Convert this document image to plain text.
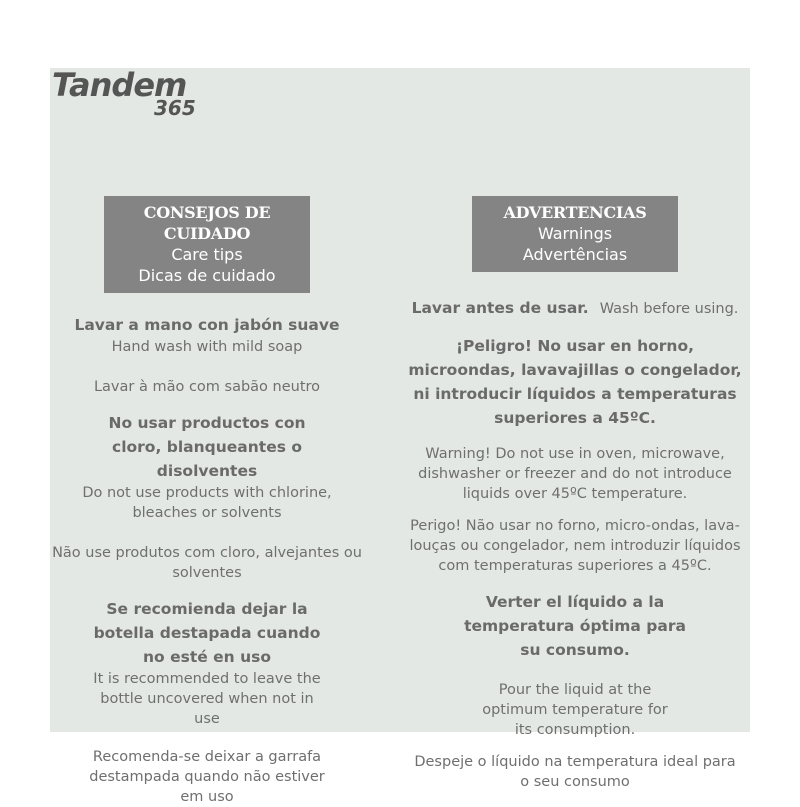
Tandem
365
CONSEJOS DE CUIDADO
Care tips
Dicas de cuidado
Lavar a mano con jabón suave
Hand wash with mild soap
Lavar à mão com sabão neutro
No usar productos con cloro, blanqueantes o disolventes
Do not use products with chlorine, bleaches or solvents
Não use produtos com cloro, alvejantes ou solventes
Se recomienda dejar la botella destapada cuando no esté en uso
It is recommended to leave the bottle uncovered when not in use
Recomenda-se deixar a garrafa destampada quando não estiver em uso
ADVERTENCIAS
Warnings
Advertências
Lavar antes de usar. Wash before using.
¡Peligro! No usar en horno, microondas, lavavajillas o congelador, ni introducir líquidos a temperaturas superiores a 45ºC.
Warning! Do not use in oven, microwave, dishwasher or freezer and do not introduce liquids over 45ºC temperature.
Perigo! Não usar no forno, micro-ondas, lava-louças ou congelador, nem introduzir líquidos com temperaturas superiores a 45ºC.
Verter el líquido a la temperatura óptima para su consumo.
Pour the liquid at the optimum temperature for its consumption.
Despeje o líquido na temperatura ideal para o seu consumo
